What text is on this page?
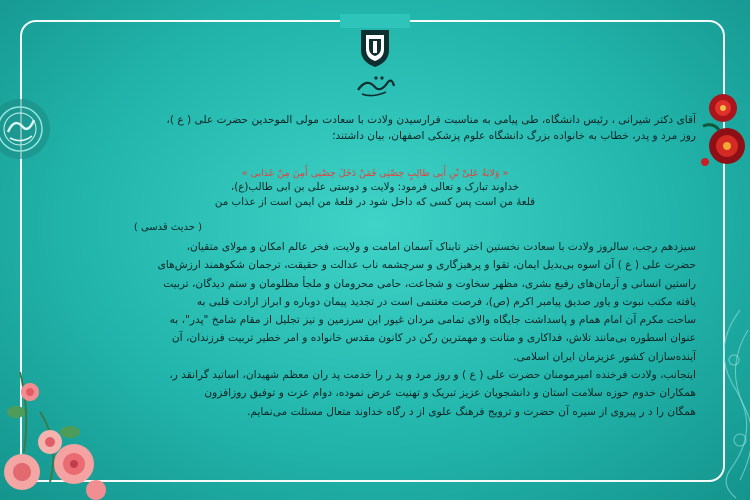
آقای دکتر شیرانی ، رئیس دانشگاه، طی پیامی به مناسبت فرارسیدن ولادت با سعادت مولی الموحدین حضرت علی ( ع )،
روز مرد و پدر، خطاب به خانواده بزرگ دانشگاه علوم پزشکی اصفهان، بیان داشتند؛
« وَلايَةُ عَلِىِّ بْنِ أَبِى طالِبٍ حِصْنِى فَمَنْ دَخَلَ حِصْنِى أَمِنَ مِنْ عَذابى »
خداوند تبارک و تعالی فرمود: ولایت و دوستی علی بن ابی طالب(ع)،
قلعهٔ من است پس کسی که داخل شود در قلعهٔ من ایمن است از عذاب من
( حدیث قدسی )
سیزدهم رجب، سالروز ولادت با سعادت نخستین اختر تابناک آسمان امامت و ولایت، فخر عالم امکان و مولای متقیان،
حضرت علی ( ع ) آن اسوه بی‌بدیل ایمان، تقوا و پرهیزگاری و سرچشمه ناب عدالت و حقیقت، ترجمان شکوهمند ارزش‌های
راستین انسانی و آرمان‌های رفیع بشری، مظهر سخاوت و شجاعت، حامی محرومان و ملجأ مظلومان و ستم دیدگان، تربیت
یافته مکتب نبوت و یاور صدیق پیامبر اکرم (ص)، فرصت مغتنمی است در تجدید پیمان دوباره و ابراز ارادت قلبی به
ساحت مکرم آن امام همام و پاسداشت جایگاه والای تمامی مردان غیور این سرزمین و نیز تجلیل از مقام شامخ "پدر"، به
عنوان اسطوره بی‌مانند تلاش، فداکاری و متانت و مهمترین رکن در کانون مقدس خانواده و امر خطیر تربیت فرزندان، آن
آینده‌سازان کشور عزیزمان ایران اسلامی.
اینجانب، ولادت فرخنده امیرمومنان حضرت علی ( ع ) و روز مرد و پد ر را خدمت پد ران معظم شهیدان، اساتید گرانقد ر،
همکاران خدوم حوزه سلامت استان و دانشجویان عزیز تبریک و تهنیت عرض نموده، دوام عزت و توفیق روزافزون
همگان را د ر پیروی از سیره آن حضرت و ترویج فرهنگ علوی از د رگاه خداوند متعال مسئلت می‌نمایم.
